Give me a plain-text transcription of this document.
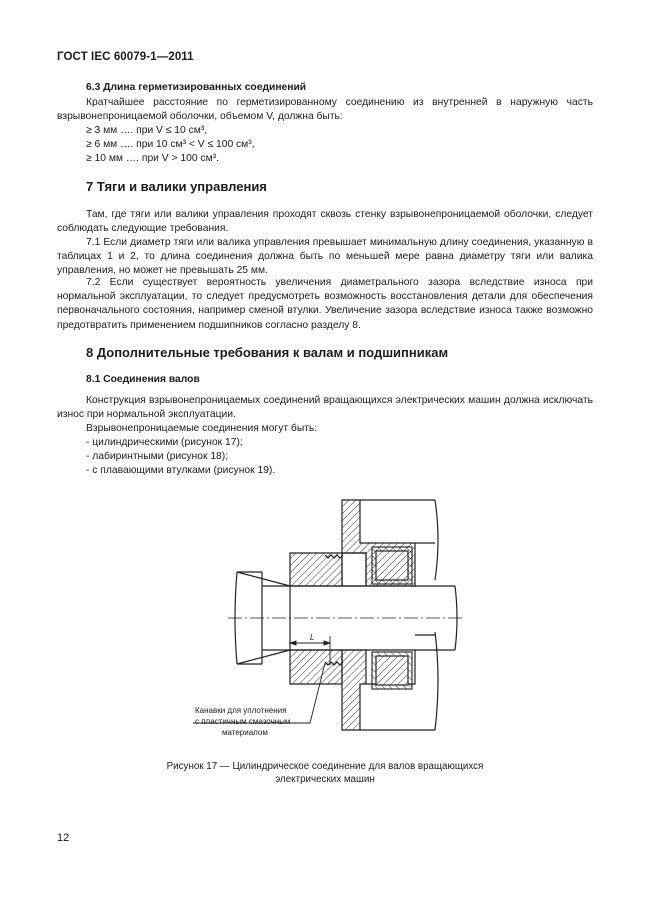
ГОСТ IEC 60079-1—2011
6.3 Длина герметизированных соединений
Кратчайшее расстояние по герметизированному соединению из внутренней в наружную часть взрывонепроницаемой оболочки, объемом V, должна быть:
≥ 3 мм …. при V ≤ 10 см³,
≥ 6 мм …. при 10 см³ < V ≤ 100 см³,
≥ 10 мм …. при V > 100 см³.
7 Тяги и валики управления
Там, где тяги или валики управления проходят сквозь стенку взрывонепроницаемой оболочки, следует соблюдать следующие требования.
7.1 Если диаметр тяги или валика управления превышает минимальную длину соединения, указанную в таблицах 1 и 2, то длина соединения должна быть по меньшей мере равна диаметру тяги или валика управления, но может не превышать 25 мм.
7.2 Если существует вероятность увеличения диаметрального зазора вследствие износа при нормальной эксплуатации, то следует предусмотреть возможность восстановления детали для обеспечения первоначального состояния, например сменой втулки. Увеличение зазора вследствие износа также возможно предотвратить применением подшипников согласно разделу 8.
8 Дополнительные требования к валам и подшипникам
8.1 Соединения валов
Конструкция взрывонепроницаемых соединений вращающихся электрических машин должна исключать износ при нормальной эксплуатации.
Взрывонепроницаемые соединения могут быть:
- цилиндрическими (рисунок 17);
- лабиринтными (рисунок 18);
- с плавающими втулками (рисунок 19).
L
Канавки для уплотнения
с пластичным смазочным
материалом
Рисунок 17 — Цилиндрическое соединение для валов вращающихся
электрических машин
12
